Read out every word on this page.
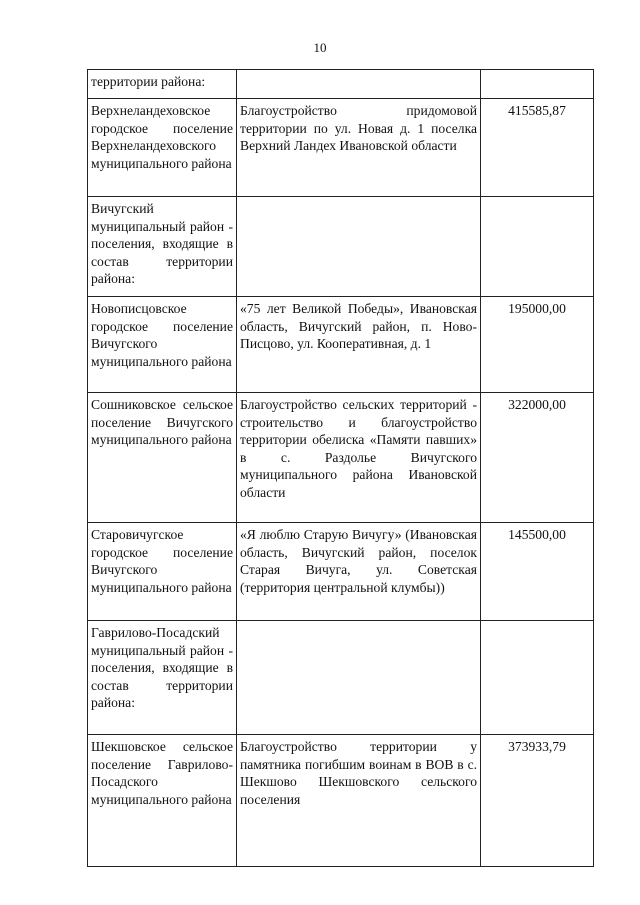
10
территории района:		
Верхнеландеховское городское поселение Верхнеландеховского муниципального района	Благоустройство придомовой территории по ул. Новая д. 1 поселка Верхний Ландех Ивановской области	415585,87
Вичугский муниципальный район - поселения, входящие в состав территории района:		
Новописцовское городское поселение Вичугского муниципального района	«75 лет Великой Победы», Ивановская область, Вичугский район, п. Ново-Писцово, ул. Кооперативная, д. 1	195000,00
Сошниковское сельское поселение Вичугского муниципального района	Благоустройство сельских территорий - строительство и благоустройство территории обелиска «Памяти павших» в с. Раздолье Вичугского муниципального района Ивановской области	322000,00
Старовичугское городское поселение Вичугского муниципального района	«Я люблю Старую Вичугу» (Ивановская область, Вичугский район, поселок Старая Вичуга, ул. Советская (территория центральной клумбы))	145500,00
Гаврилово-Посадский муниципальный район - поселения, входящие в состав территории района:		
Шекшовское сельское поселение Гаврилово-Посадского муниципального района	Благоустройство территории у памятника погибшим воинам в ВОВ в с. Шекшово Шекшовского сельского поселения	373933,79
